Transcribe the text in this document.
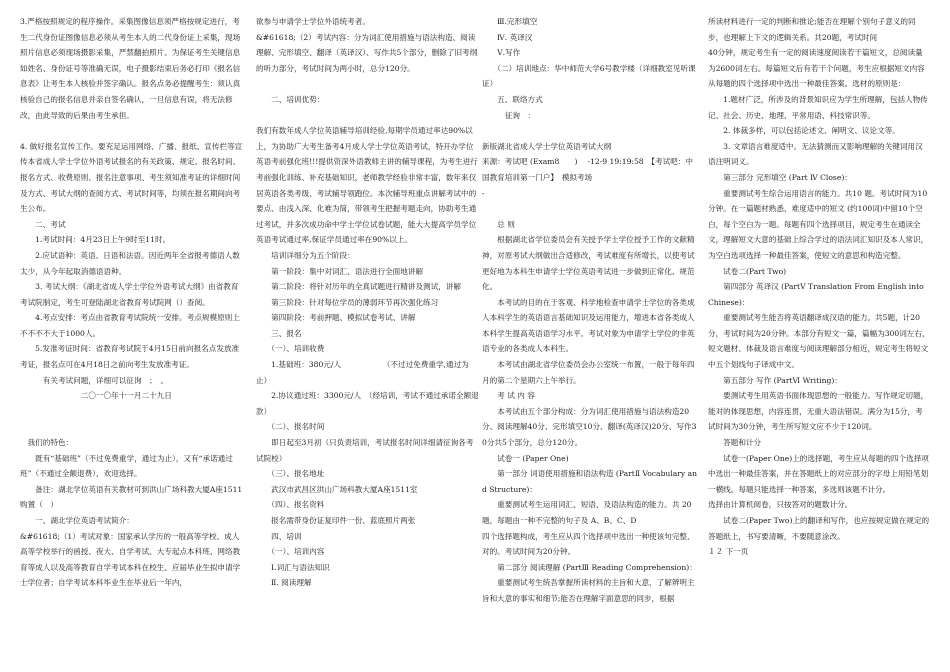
3.严格按照规定的程序操作。采集图像信息须严格按规定进行，考生二代身份证图像信息必须从考生本人的二代身份证上采集，现场照片信息必须现场摄影采集，严禁翻拍照片。为保证考生关键信息如姓名、身份证号等准确无误，电子摄影结束后务必打印《报名信息表》让考生本人核验并签字确认。报名点务必提醒考生：须认真核验自己的报名信息并亲自签名确认，一旦信息有误，将无法修改，由此导致的后果由考生承担。

4. 做好报名宣传工作。要充足运用网络、广播、报纸、宣传栏等宣传本省成人学士学位外语考试报名的有关政策、规定、报名时间、报名方式、收费原则、报名注意事项、考生须知准考证的详细时间及方式、考试大纲的查阅方式、考试时间等，均须在报名期间向考生公布。

　　二、考试

　　1.考试时间：4月23日上午9时至11时。

　　2.应试语种：英语、日语和法语。因近两年全省报考德语人数太少，从今年起取消德语语种。

　　3. 考试大纲：《湖北省成人学士学位外语考试大纲》由省教育考试院制定，考生可登陆湖北省教育考试院网（）查阅。

　　4.考点安排：考点由省教育考试院统一安排。考点规模原则上不不不不大于1000人。

　　5.发准考证时间：省教育考试院于4月15日前向报名点发放准考证，报名点可在4月18日之前向考生发放准考证。

　　　有关考试问题，详细可以征询　；　。

　　　　　　　　二〇一〇年十一月二十九日

　我们的特色：

　　既有“基础班”（不过免费重学，通过为止），又有“承诺通过班”（不通过全额退费），欢迎选择。

　　备注：湖北学位英语有关教材可到洪山广场科教大厦A座1511购置（　）

　　一、湖北学位英语考试简介：

&#61618;（1）考试对象：国家承认学历的一般高等学校、成人高等学校举行的函授、夜大、自学考试、大专起点本科班、网络教育等成人以及高等教育自学考试本科在校生、应届毕业生拟申请学士学位者；自学考试本科毕业生在毕业后一年内，

欲参与申请学士学位外语统考者。

&#61618;（2）考试内容：分为词汇使用措施与语法构造、阅读理解、完形填空、翻译（英译汉）、写作共5个部分，删除了旧考纲的听力部分，考试时间为两小时，总分120分。

　　二、培训优势：

我们有数年成人学位英语辅导培训经验,每期学员通过率达90%以上，为协助广大考生备考4月成人学士学位英语考试，特开办学位英语考前强化班!!!提供资深外语教师主讲的辅导课程，为考生进行考前强化训练、补充基础知识，老师教学经验非常丰富，数年来仅居英语各类考级、考试辅导领跑位。本次辅导班重点讲解考试中的要点、由浅入深、化难为简，带领考生把握考题走向，协助考生通过考试，并多次成功命中学士学位试卷试题，能大大提高学员学位英语考试通过率,保证学员通过率在90%以上。

　　培训详细分为五个阶段：

　　第一阶段：集中对词汇、语法进行全面地讲解

　　第二阶段：将针对历年的全真试题进行精讲及测试，讲解

　　第三阶段：针对每位学员的薄弱环节再次强化练习

　　第四阶段：考前押题、模拟试卷考试、讲解

　　三、报名

　　（一）、培训收费

　　1.基础班：380元/人　　　　　　（不过过免费重学,通过为止）

　　2.协议通过班：3300元/人　（经培训，考试不通过承诺全额退款）

　　（二）、报名时间

　　即日起至3月初（只负责培训，考试报名时间详细请征询各考试院校）

　　（三）、报名地址

　　武汉市武昌区洪山广场科教大厦A座1511室

　　（四）、报名资料

　　报名需带身份证复印件一份、蓝底照片两张

　　四、培训

　　（一）、培训内容

　　Ⅰ.词汇与语法知识

　　Ⅱ. 阅读理解

　　Ⅲ.完形填空

　　Ⅳ. 英译汉

　　Ⅴ.写作

　　（二）培训地点：华中师范大学6号教学楼（详细教室见听课证）

　　五、联络方式

　　　征询　：

新版湖北省成人学士学位英语考试大纲

来源：考试吧 (Exam8　　) 　-12-9 19:19:58　【考试吧：中国教育培训第一门户】　模拟考场

-

　　总 则

　　根据湖北省学位委员会有关授予学士学位授予工作的文献精神，对原考试大纲做出合适修改，考试难度有所增长，以使考试更好地为本科生申请学士学位英语考试进一步做到正常化、规范化。

　　本考试的目的在于客观、科学地检查申请学士学位的各类成人本科学生的英语语言基础知识及运用能力，增进本省各类成人本科学生提高英语语学习水平。考试对象为申请学士学位的非英语专业的各类成人本科生。

　　本考试由湖北省学位委员会办公室统一布置，一般于每年四月的第二个星期六上午举行。

　　考 试 内 容

　　本考试由五个部分构成：分为词汇使用措施与语法构造20分、阅读理解40分、完形填空10分、翻译(英译汉)20分、写作30分共5个部分，总分120分。

　　试卷一 (Paper One)

　　第一部分 词语使用措施和语法构造 (PartⅡ Vocabulary and Structure)：

　　重要测试考生运用词汇、短语、及语法构造的能力。共 20题，每题由一种不完整的句子及 A、B、C、D

四个选择题构成，考生应从四个选择项中选出一种使该句完整、对的。考试时间为20分钟。

　　第二部分 阅读理解 (PartⅢ Reading Comprehension)：

　　重要测试考生统吾掌握所读材料的主旨和大意，了解辨明主旨和大意的事实和细节;能否在理解字面意思的同步，根据

所读材料进行一定的判断和推论;能否在理解个别句子意义的同步，也理解上下文的逻辑关系。共20题，考试时间

40分钟，规定考生有一定的阅读速度阅读若干篇短文，总阅读量为2600词左右。每篇短文后有若干个问题，考生应根据短文内容从每题的四个选择项中选出一种最佳答案。选材的原则是：

　　1.题材广泛，所涉及的背景知识应为学生所理解，包括人物传记、社会、历史、地理、平常用语、科技常识等。

　　2. 体裁多样，可以包括论述文、阐明文、议论文等。

　　3. 文章语言难度适中。无法猜测而又影响理解的关键词用汉语注明词义。

　　第三部分 完形填空 (Part Ⅳ Close)：

　　重要测试考生综合运用语言的能力。共10 题。考试时间为10分钟。在一篇题材熟悉、难度适中的短文 (约100词)中留10个空白，每个空白为一题。每题有四个选择项目，规定考生在通读全文，理解短文大意的基础上综合学过的语法词汇知识及本人常识，为空白选项选择一种最佳答案，使短文的意思和构造完整。

　　试卷二(Part Two)

　　第四部分 英译汉 (PartⅤ Translation From English into Chinese)：

　　重要测试考生能否将英语翻译成汉语的能力。共5题，计20分，考试时间为20分钟。本部分有短文一篇，篇幅为300词左右，短文题材、体裁及语言难度与阅读理解部分相近，规定考生将短文中五个划线句子译成中文。

　　第五部分 写作 (PartⅥ Writing)：

　　要测试考生用英语书面体现思想的一般能力。写作规定切题，能对的体现思想，内容连贯，无重大语法错误。满分为15分，考试时间为30分钟，考生所写短文应不少于120词。

　　答题和计分

　　试卷一(Paper One)上的选择题，考生应从每题的四个选择项中选出一种最佳答案，并在答题纸上的对应部分的字母上用铅笔划一横线。每题只能选择一种答案，多选则该题不计分。

选择由计算机阅卷，只按答对的题数计分。

　　试卷二(Paper Two)上的翻译和写作，也应按规定做在规定的答题纸上，书写要清晰，不要随意涂改。

１２ 下一页
